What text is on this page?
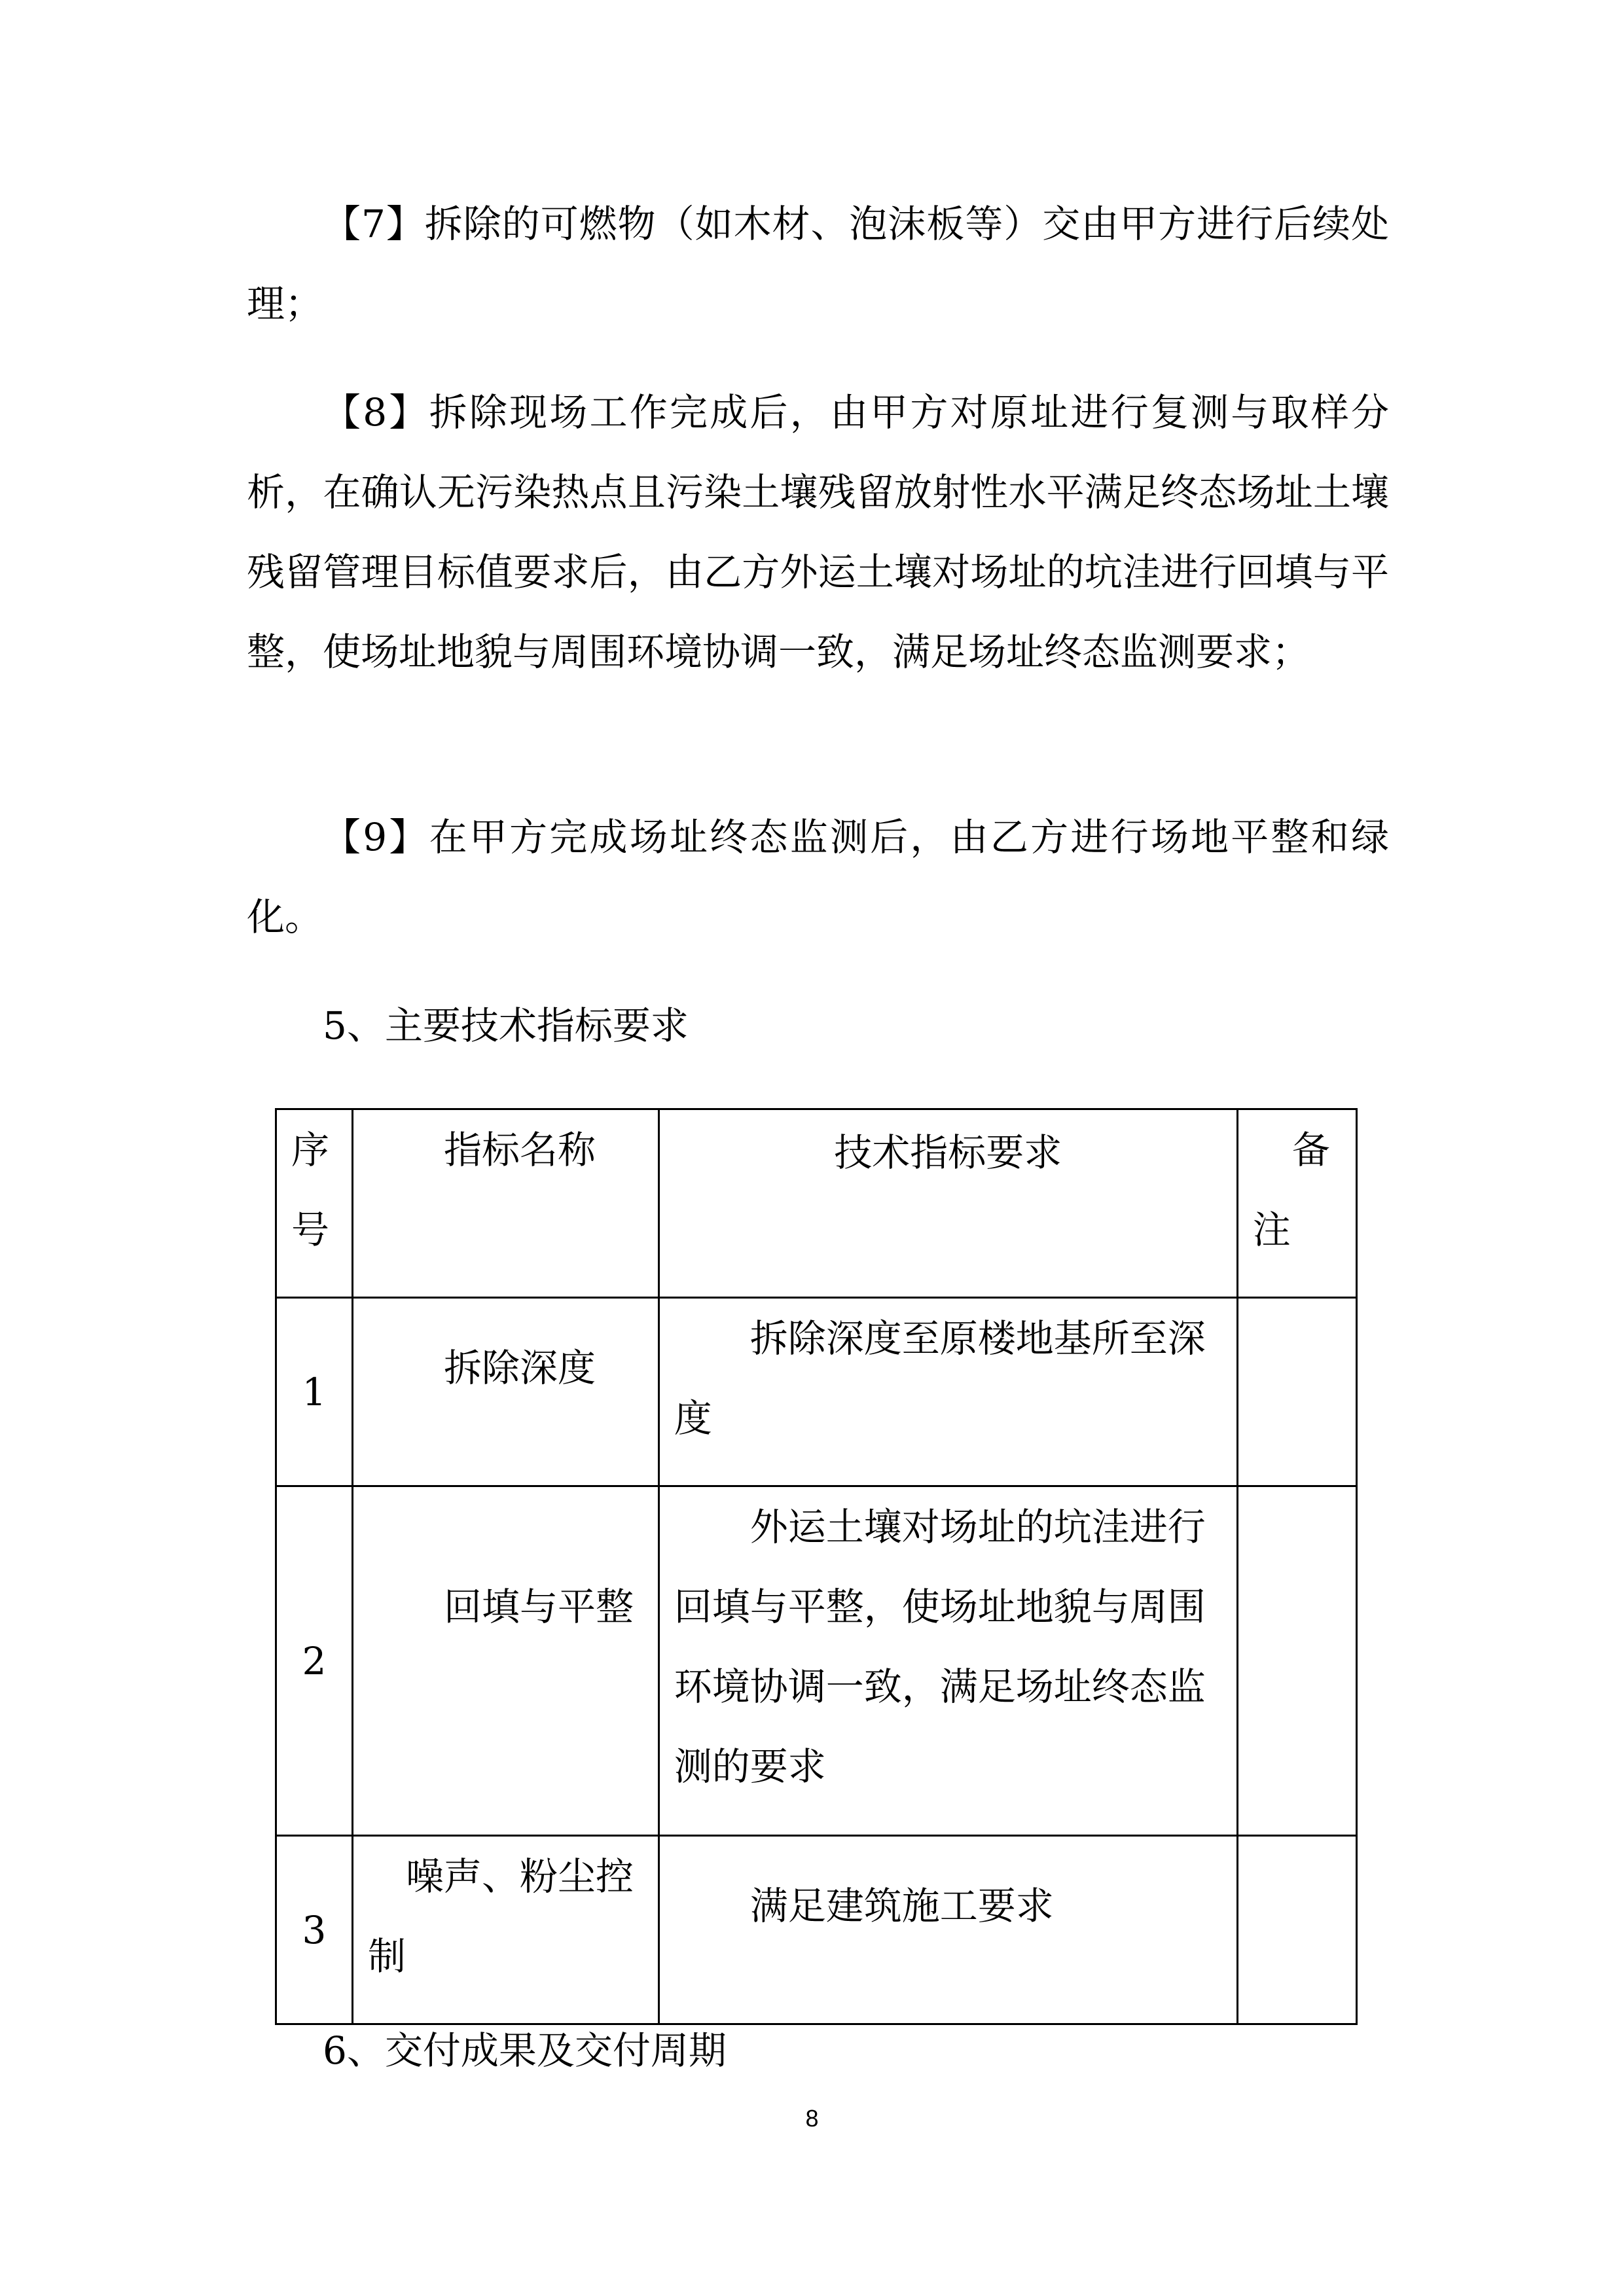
【7】拆除的可燃物（如木材、泡沫板等）交由甲方进行后续处理；

【8】拆除现场工作完成后，由甲方对原址进行复测与取样分析，在确认无污染热点且污染土壤残留放射性水平满足终态场址土壤残留管理目标值要求后，由乙方外运土壤对场址的坑洼进行回填与平整，使场址地貌与周围环境协调一致，满足场址终态监测要求；

【9】在甲方完成场址终态监测后，由乙方进行场地平整和绿化。

5、主要技术指标要求

序号	指标名称	技术指标要求	备注
1	拆除深度	拆除深度至原楼地基所至深度	
2	回填与平整	外运土壤对场址的坑洼进行回填与平整，使场址地貌与周围环境协调一致，满足场址终态监测的要求	
3	噪声、粉尘控制	满足建筑施工要求	

6、交付成果及交付周期

8
